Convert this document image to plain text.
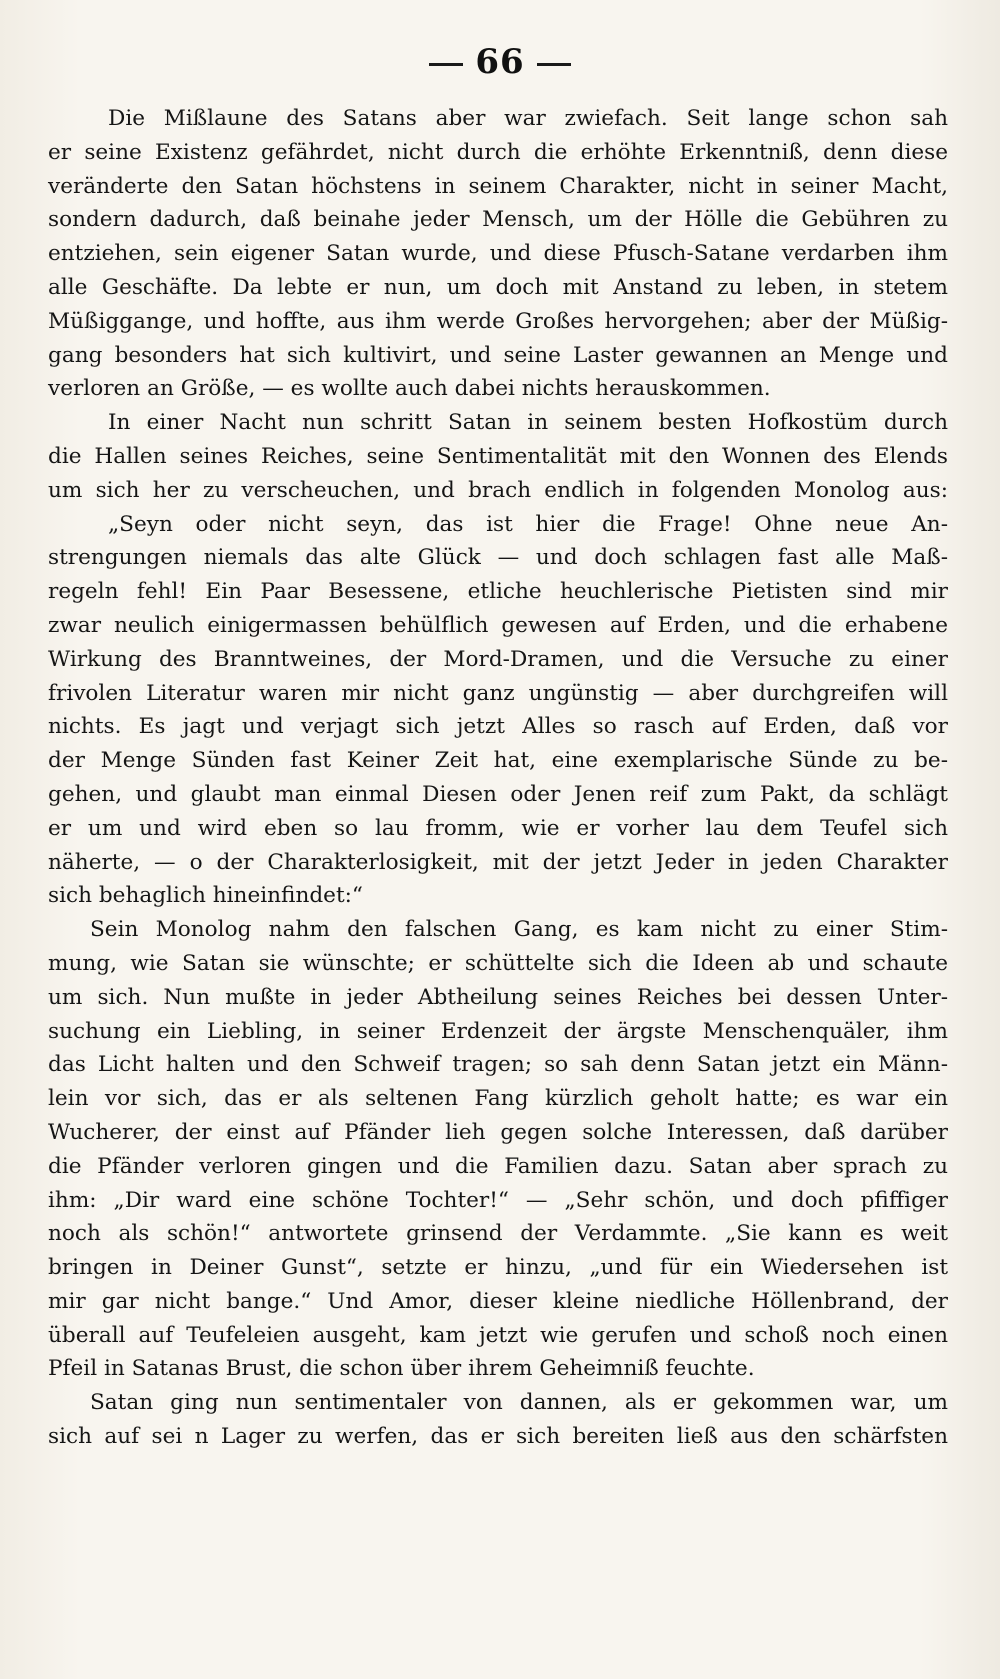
66
Die Mißlaune des Satans aber war zwiefach. Seit lange schon sah
er seine Existenz gefährdet, nicht durch die erhöhte Erkenntniß, denn diese
veränderte den Satan höchstens in seinem Charakter, nicht in seiner Macht,
sondern dadurch, daß beinahe jeder Mensch, um der Hölle die Gebühren zu
entziehen, sein eigener Satan wurde, und diese Pfusch-Satane verdarben ihm
alle Geschäfte. Da lebte er nun, um doch mit Anstand zu leben, in stetem
Müßiggange, und hoffte, aus ihm werde Großes hervorgehen; aber der Müßig-
gang besonders hat sich kultivirt, und seine Laster gewannen an Menge und
verloren an Größe, — es wollte auch dabei nichts herauskommen.
In einer Nacht nun schritt Satan in seinem besten Hofkostüm durch
die Hallen seines Reiches, seine Sentimentalität mit den Wonnen des Elends
um sich her zu verscheuchen, und brach endlich in folgenden Monolog aus:
„Seyn oder nicht seyn, das ist hier die Frage! Ohne neue An-
strengungen niemals das alte Glück — und doch schlagen fast alle Maß-
regeln fehl! Ein Paar Besessene, etliche heuchlerische Pietisten sind mir
zwar neulich einigermassen behülflich gewesen auf Erden, und die erhabene
Wirkung des Branntweines, der Mord-Dramen, und die Versuche zu einer
frivolen Literatur waren mir nicht ganz ungünstig — aber durchgreifen will
nichts. Es jagt und verjagt sich jetzt Alles so rasch auf Erden, daß vor
der Menge Sünden fast Keiner Zeit hat, eine exemplarische Sünde zu be-
gehen, und glaubt man einmal Diesen oder Jenen reif zum Pakt, da schlägt
er um und wird eben so lau fromm, wie er vorher lau dem Teufel sich
näherte, — o der Charakterlosigkeit, mit der jetzt Jeder in jeden Charakter
sich behaglich hineinfindet:“
Sein Monolog nahm den falschen Gang, es kam nicht zu einer Stim-
mung, wie Satan sie wünschte; er schüttelte sich die Ideen ab und schaute
um sich. Nun mußte in jeder Abtheilung seines Reiches bei dessen Unter-
suchung ein Liebling, in seiner Erdenzeit der ärgste Menschenquäler, ihm
das Licht halten und den Schweif tragen; so sah denn Satan jetzt ein Männ-
lein vor sich, das er als seltenen Fang kürzlich geholt hatte; es war ein
Wucherer, der einst auf Pfänder lieh gegen solche Interessen, daß darüber
die Pfänder verloren gingen und die Familien dazu. Satan aber sprach zu
ihm: „Dir ward eine schöne Tochter!“ — „Sehr schön, und doch pfiffiger
noch als schön!“ antwortete grinsend der Verdammte. „Sie kann es weit
bringen in Deiner Gunst“, setzte er hinzu, „und für ein Wiedersehen ist
mir gar nicht bange.“ Und Amor, dieser kleine niedliche Höllenbrand, der
überall auf Teufeleien ausgeht, kam jetzt wie gerufen und schoß noch einen
Pfeil in Satanas Brust, die schon über ihrem Geheimniß feuchte.
Satan ging nun sentimentaler von dannen, als er gekommen war, um
sich auf sei n Lager zu werfen, das er sich bereiten ließ aus den schärfsten
